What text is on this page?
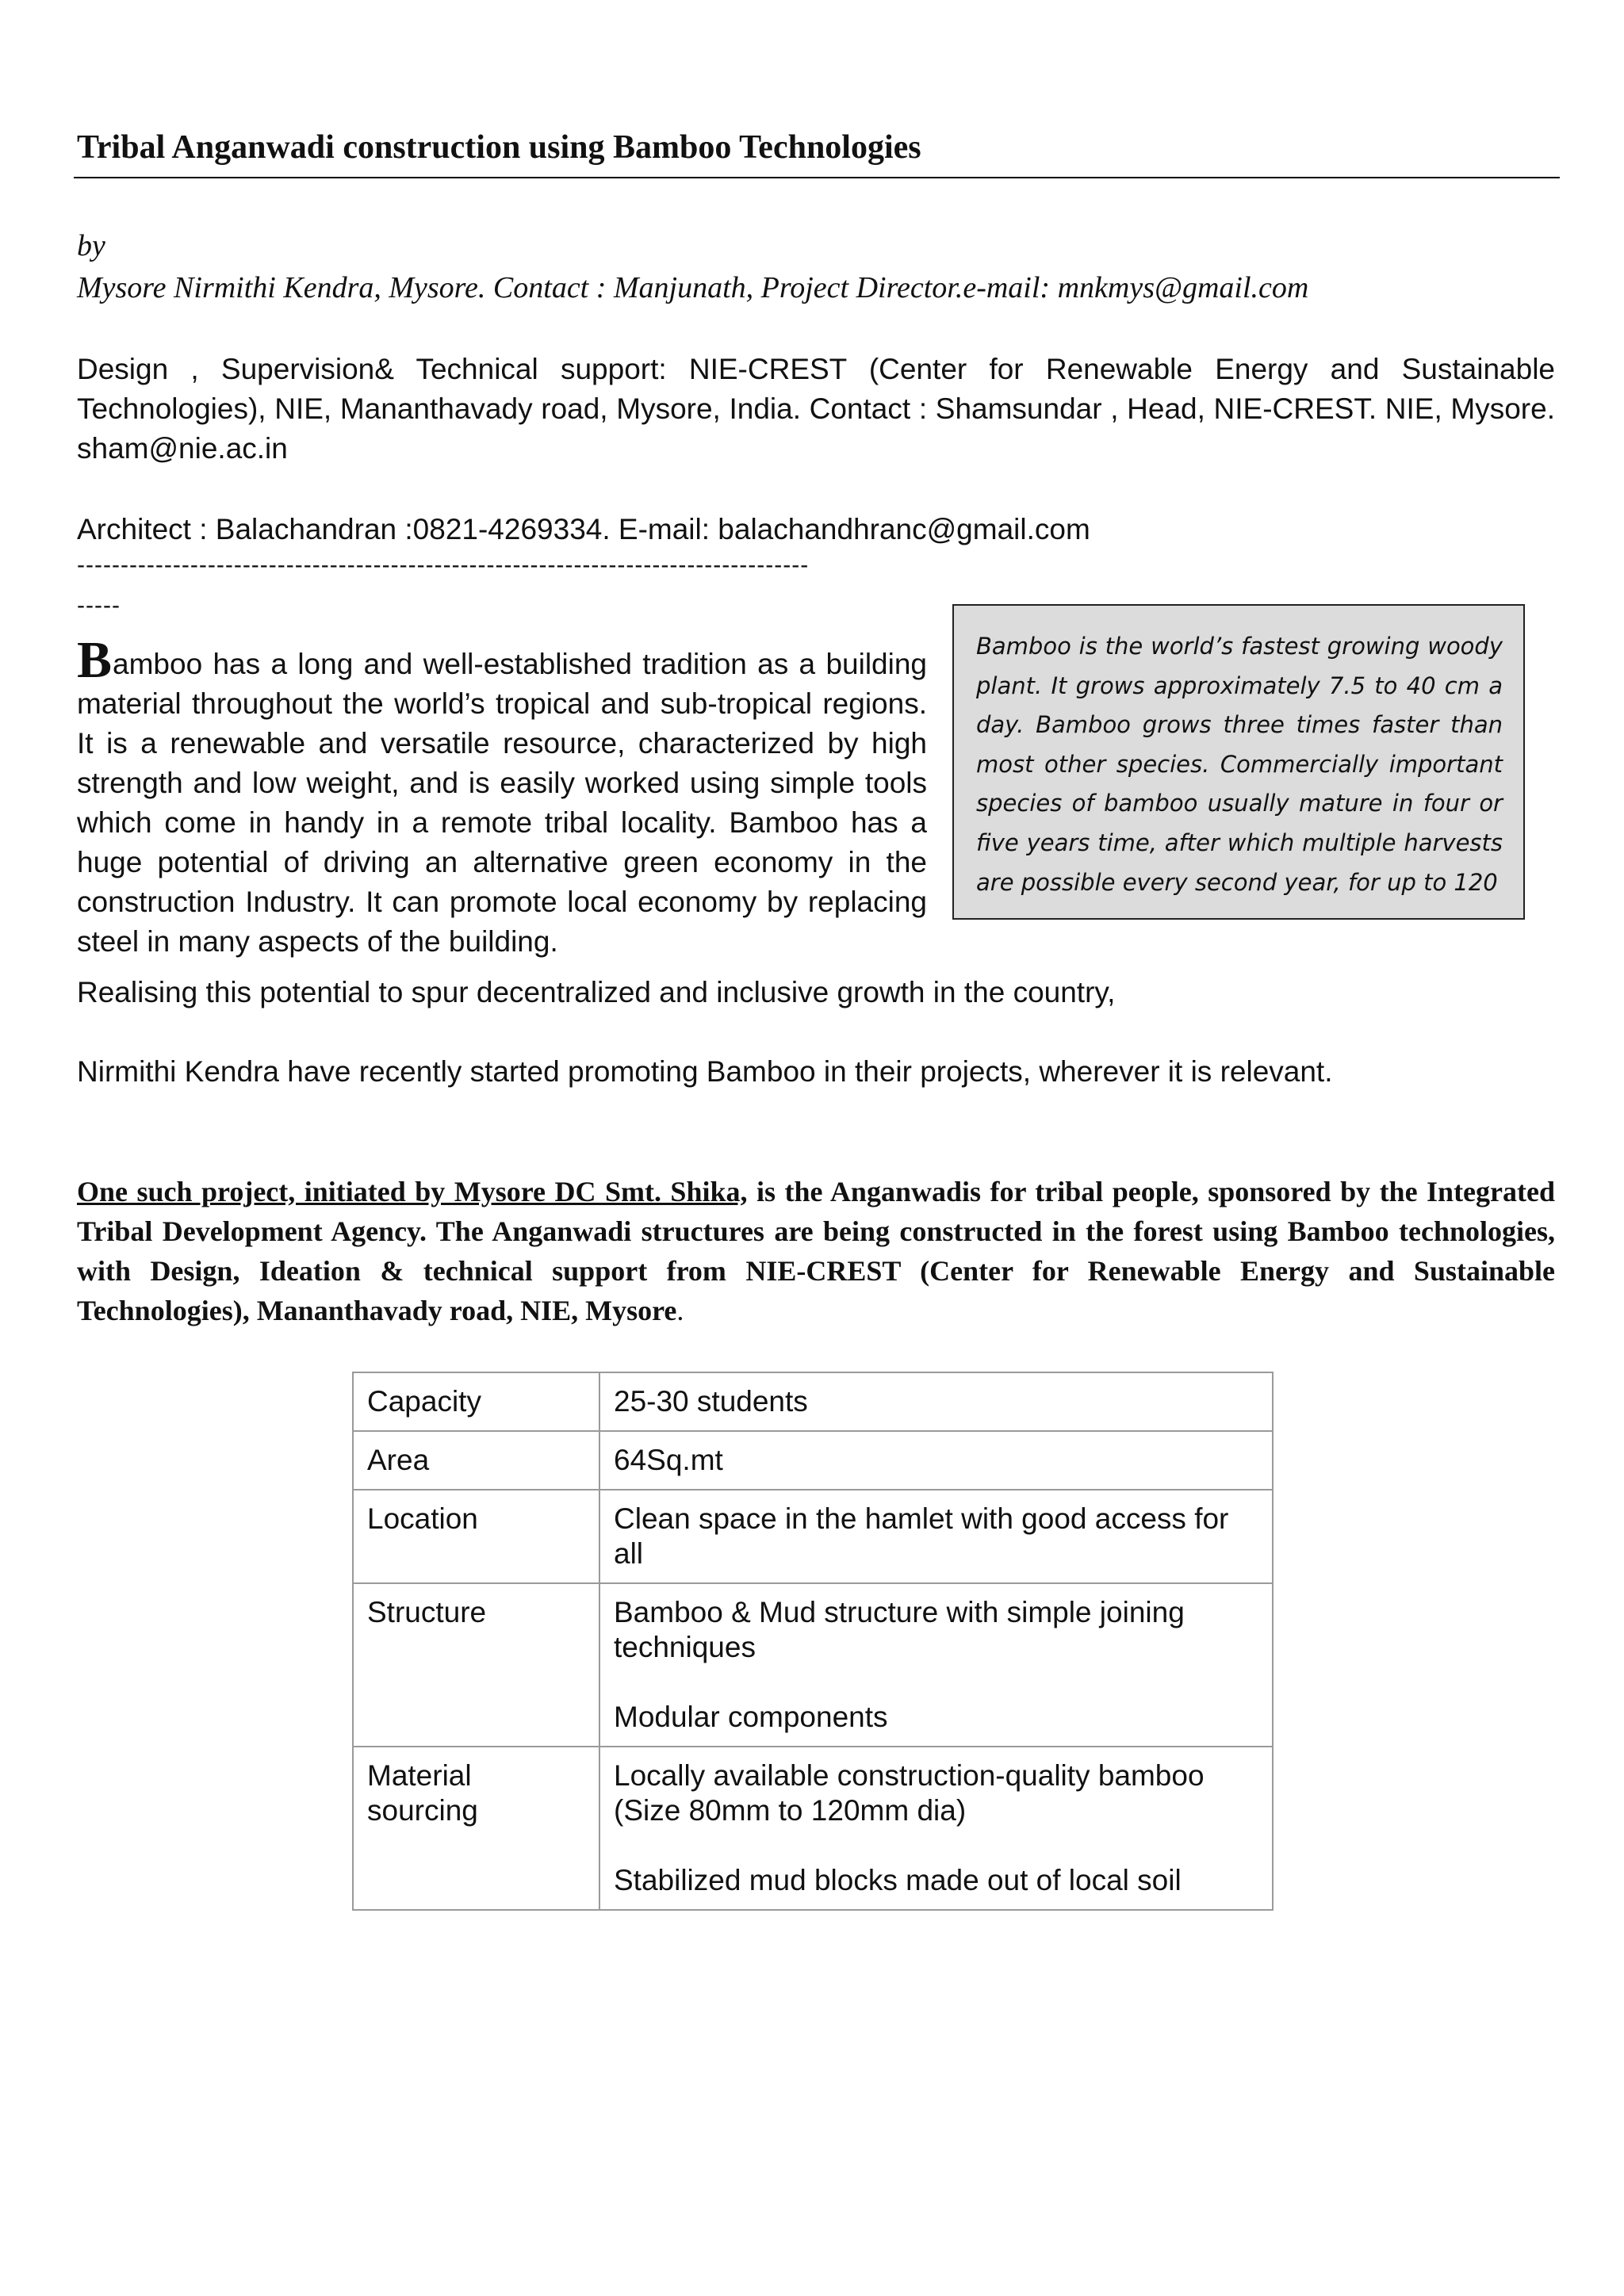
Tribal Anganwadi construction using Bamboo Technologies

by

Mysore Nirmithi Kendra, Mysore. Contact : Manjunath, Project Director.e-mail: mnkmys@gmail.com

Design , Supervision& Technical support: NIE-CREST (Center for Renewable Energy and Sustainable Technologies), NIE, Mananthavady road, Mysore, India. Contact : Shamsundar , Head, NIE-CREST. NIE, Mysore. sham@nie.ac.in

Architect : Balachandran :0821-4269334. E-mail: balachandhranc@gmail.com

------------------------------------------------------------------------------------

-----

Bamboo has a long and well-established tradition as a building material throughout the world’s tropical and sub-tropical regions. It is a renewable and versatile resource, characterized by high strength and low weight, and is easily worked using simple tools which come in handy in a remote tribal locality. Bamboo has a huge potential of driving an alternative green economy in the construction Industry. It can promote local economy by replacing steel in many aspects of the building.

Realising this potential to spur decentralized and inclusive growth in the country,

Nirmithi Kendra have recently started promoting Bamboo in their projects, wherever it is relevant.

Bamboo is the world’s fastest growing woody plant. It grows approximately 7.5 to 40 cm a day. Bamboo grows three times faster than most other species. Commercially important species of bamboo usually mature in four or five years time, after which multiple harvests are possible every second year, for up to 120

One such project, initiated by Mysore DC Smt. Shika, is the Anganwadis for tribal people, sponsored by the Integrated Tribal Development Agency. The Anganwadi structures are being constructed in the forest using Bamboo technologies, with Design, Ideation & technical support from NIE-CREST (Center for Renewable Energy and Sustainable Technologies), Mananthavady road, NIE, Mysore.

Capacity	25-30 students

Area	64Sq.mt

Location	Clean space in the hamlet with good access for all

Structure	Bamboo & Mud structure with simple joining techniques
Modular components

Material sourcing	Locally available construction-quality bamboo (Size 80mm to 120mm dia)
Stabilized mud blocks made out of local soil
